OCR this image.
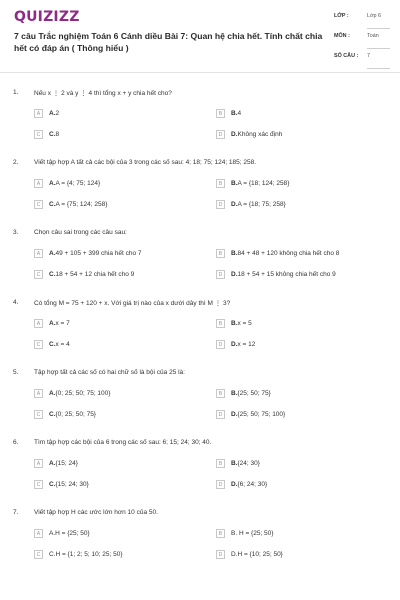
QUIZIZZ
7 câu Trắc nghiệm Toán 6 Cánh diều Bài 7: Quan hệ chia hết. Tính chất chia hết có đáp án ( Thông hiểu )
LỚP :	Lớp 6
MÔN :	Toán
SỐ CÂU : 7
1. Nếu x ⋮ 2 và y ⋮ 4 thì tổng x + y chia hết cho?
A	A.2	B	B.4
C	C.8	D	D.Không xác định
2. Viết tập hợp A tất cả các bội của 3 trong các số sau: 4; 18; 75; 124; 185; 258.
A	A.A = {4; 75; 124}	B	B.A = {18; 124; 258}
C	C.A = {75; 124; 258}	D	D.A = {18; 75; 258}
3. Chọn câu sai trong các câu sau:
A	A.49 + 105 + 399 chia hết cho 7	B	B.84 + 48 + 120 không chia hết cho 8
C	C.18 + 54 + 12 chia hết cho 9	D	D.18 + 54 + 15 không chia hết cho 9
4. Có tổng M = 75 + 120 + x. Với giá trị nào của x dưới dây thì M ⋮ 3?
A	A.x = 7	B	B.x = 5
C	C.x = 4	D	D.x = 12
5. Tập hợp tất cả các số có hai chữ số là bội của 25 là:
A	A.{0; 25; 50; 75; 100}	B	B.{25; 50; 75}
C	C.{0; 25; 50; 75}	D	D.{25; 50; 75; 100}
6. Tìm tập hợp các bội của 6 trong các số sau: 6; 15; 24; 30; 40.
A	A.{15; 24}	B	B.{24; 30}
C	C.{15; 24; 30}	D	D.{6; 24; 30}
7. Viết tập hợp H các ước lớn hơn 10 của 50.
A	A.H = {25; 50}	B	B. H = {25; 50}
C	C.H = {1; 2; 5; 10; 25; 50}	D	D.H = {10; 25; 50}
